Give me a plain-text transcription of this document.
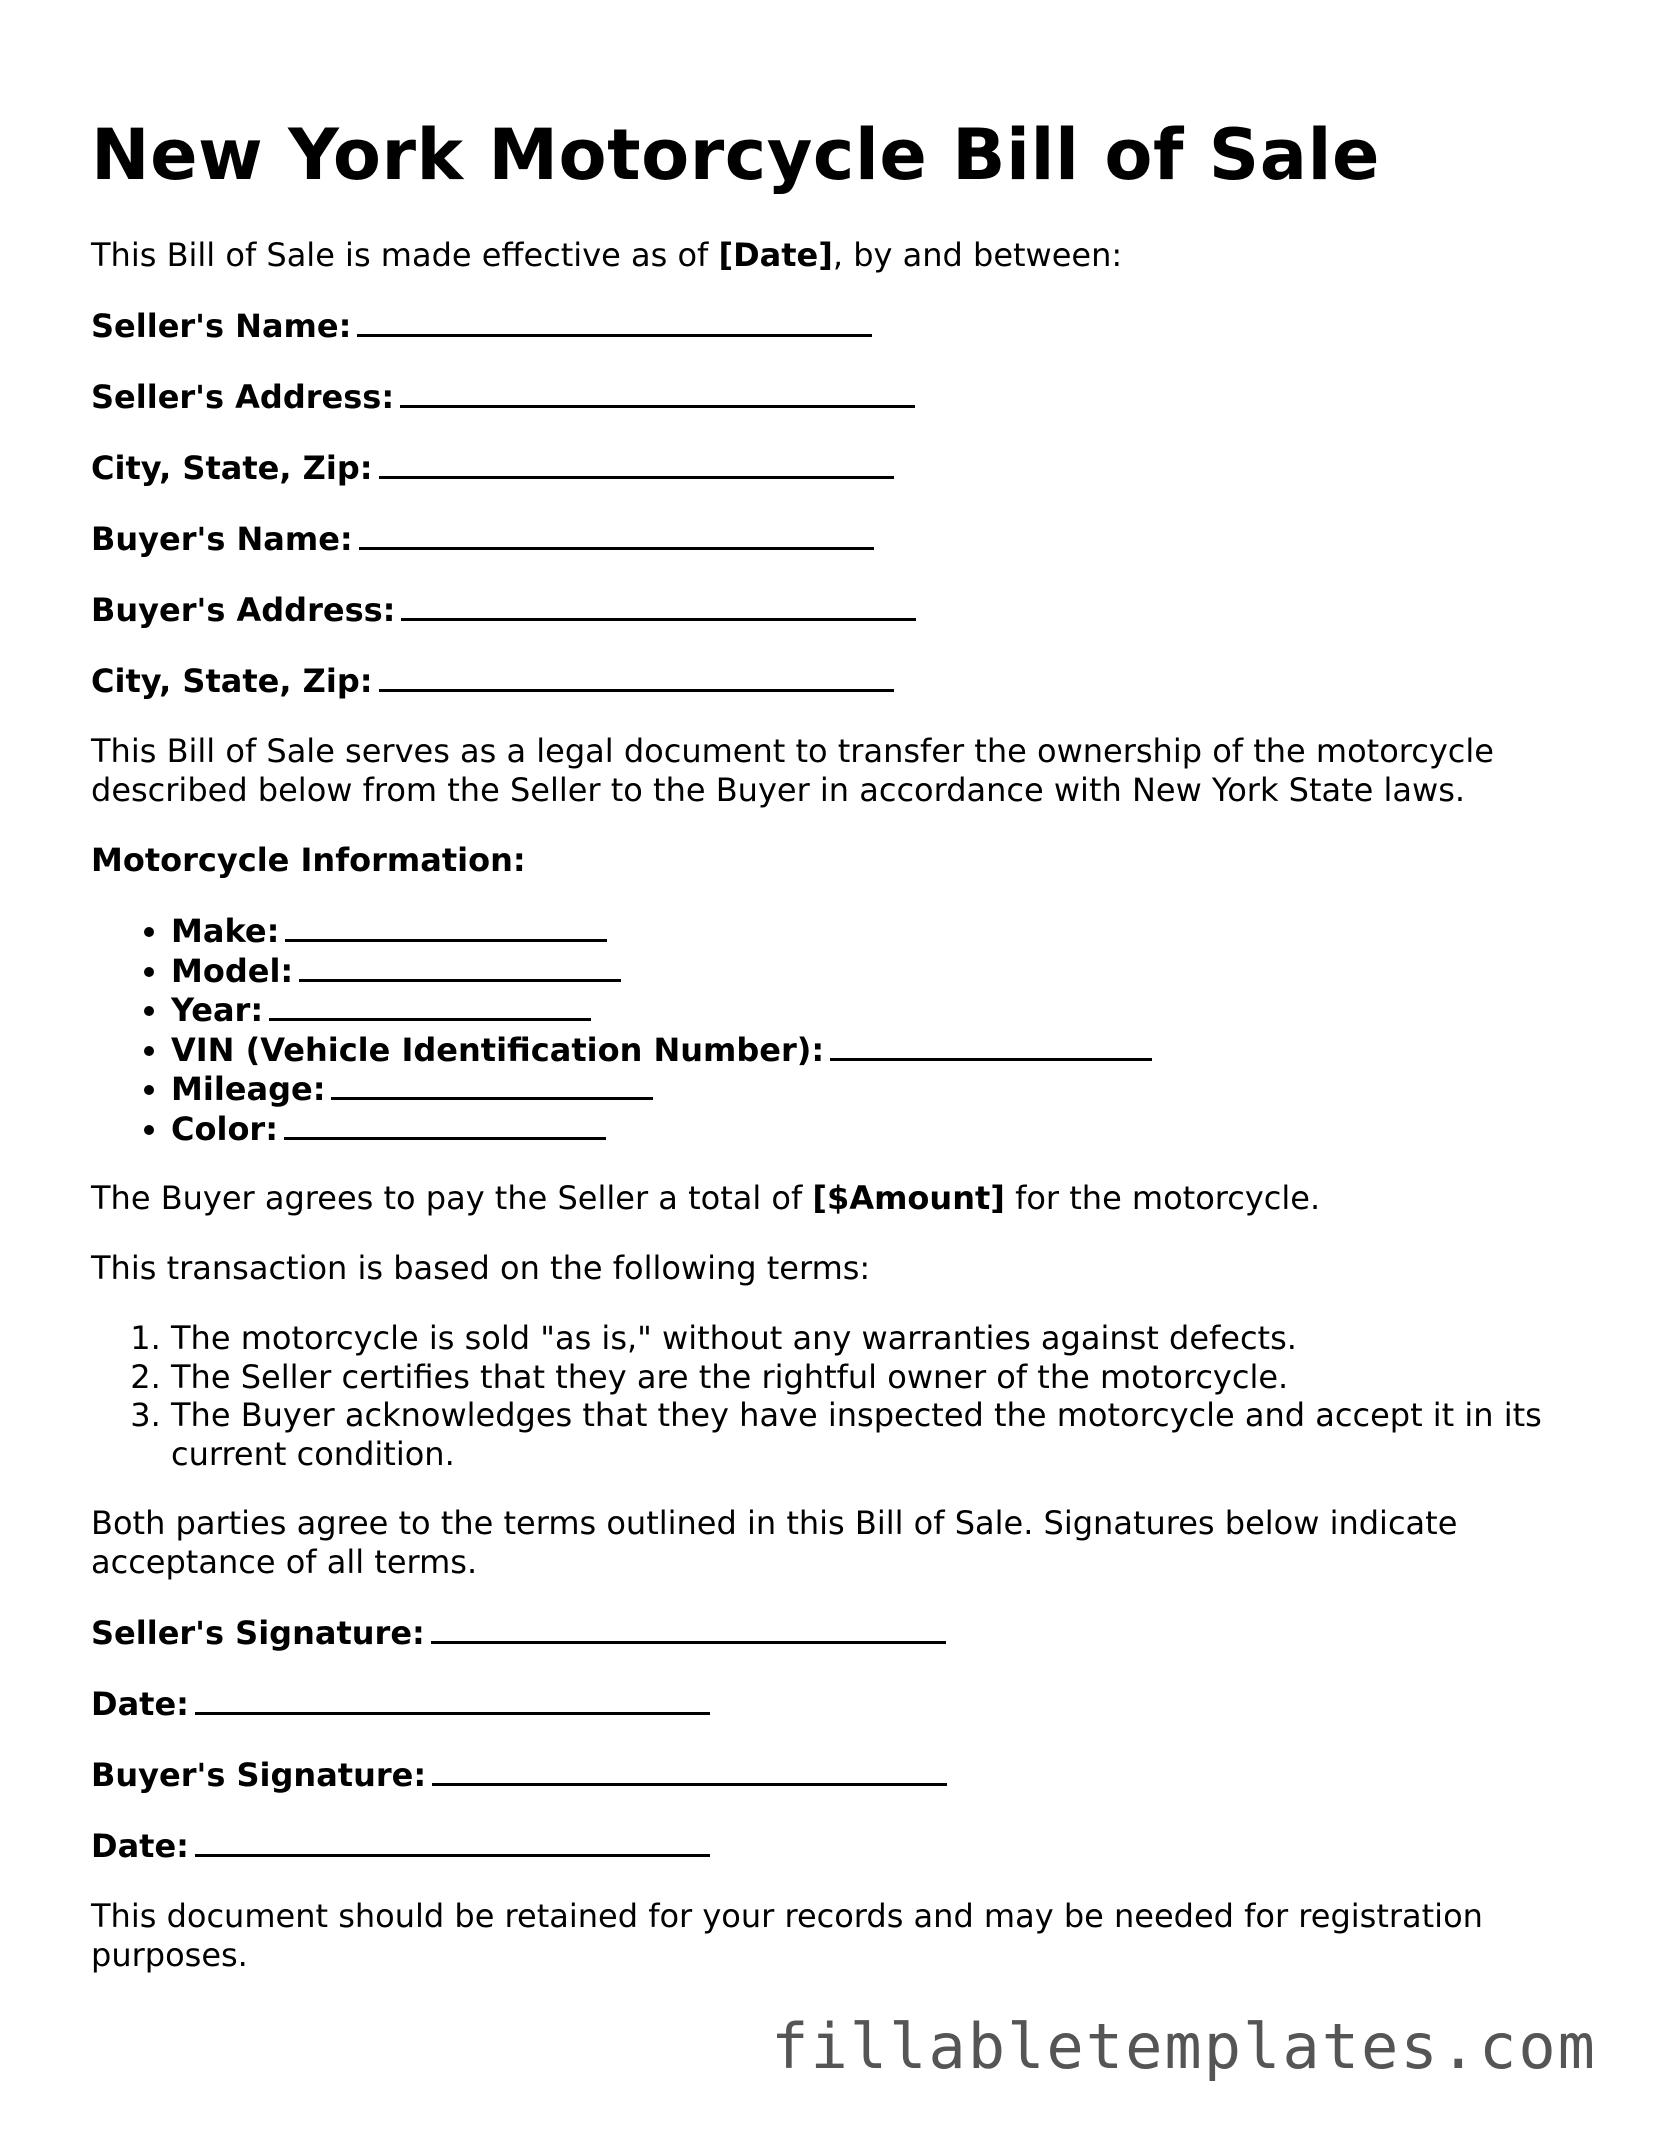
New York Motorcycle Bill of Sale

This Bill of Sale is made effective as of [Date], by and between:

Seller's Name:
Seller's Address:
City, State, Zip:
Buyer's Name:
Buyer's Address:
City, State, Zip:

This Bill of Sale serves as a legal document to transfer the ownership of the motorcycle described below from the Seller to the Buyer in accordance with New York State laws.

Motorcycle Information:
• Make:
• Model:
• Year:
• VIN (Vehicle Identification Number):
• Mileage:
• Color:

The Buyer agrees to pay the Seller a total of [$Amount] for the motorcycle.

This transaction is based on the following terms:

1. The motorcycle is sold "as is," without any warranties against defects.
2. The Seller certifies that they are the rightful owner of the motorcycle.
3. The Buyer acknowledges that they have inspected the motorcycle and accept it in its current condition.

Both parties agree to the terms outlined in this Bill of Sale. Signatures below indicate acceptance of all terms.

Seller's Signature:
Date:
Buyer's Signature:
Date:

This document should be retained for your records and may be needed for registration purposes.

fillabletemplates.com
